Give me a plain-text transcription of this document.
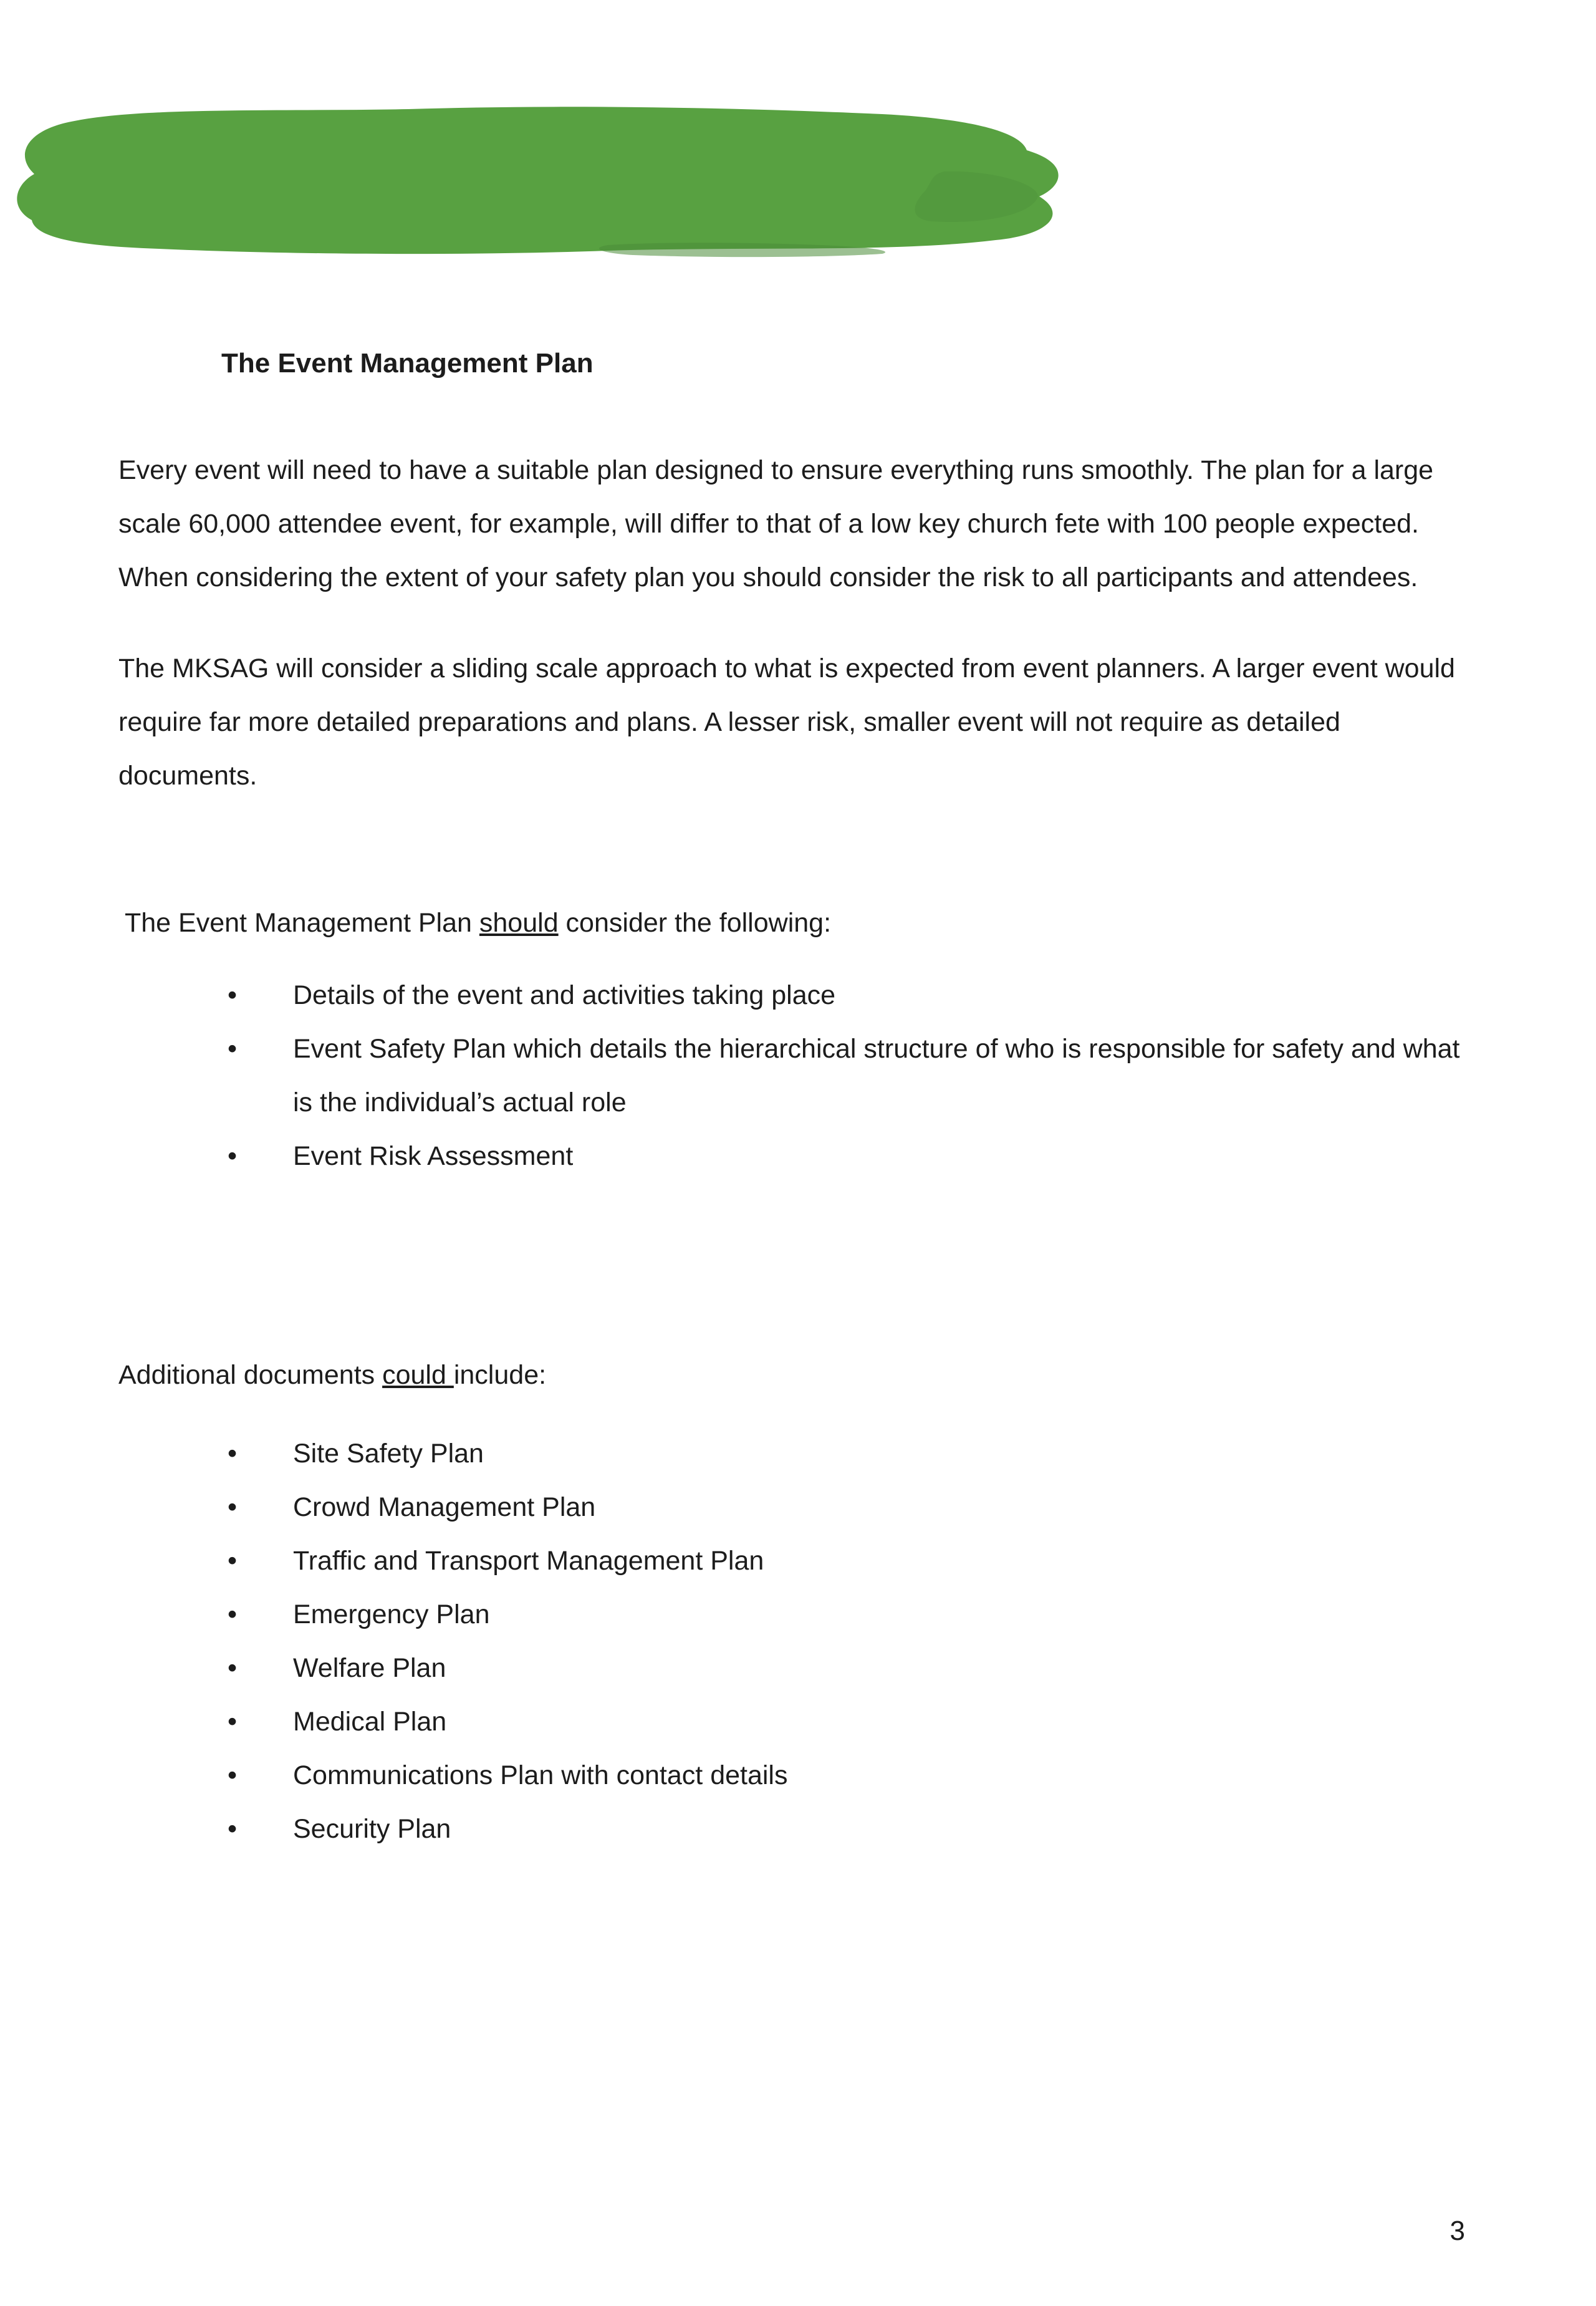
Planning your event
The Event Management Plan

Every event will need to have a suitable plan designed to ensure everything runs smoothly. The plan for a large scale 60,000 attendee event, for example, will differ to that of a low key church fete with 100 people expected. When considering the extent of your safety plan you should consider the risk to all participants and attendees.

The MKSAG will consider a sliding scale approach to what is expected from event planners. A larger event would require far more detailed preparations and plans. A lesser risk, smaller event will not require as detailed documents.

The Event Management Plan should consider the following:
• Details of the event and activities taking place
• Event Safety Plan which details the hierarchical structure of who is responsible for safety and what is the individual’s actual role
• Event Risk Assessment
Additional documents could include:
• Site Safety Plan
• Crowd Management Plan
• Traffic and Transport Management Plan
• Emergency Plan
• Welfare Plan
• Medical Plan
• Communications Plan with contact details
• Security Plan
3
